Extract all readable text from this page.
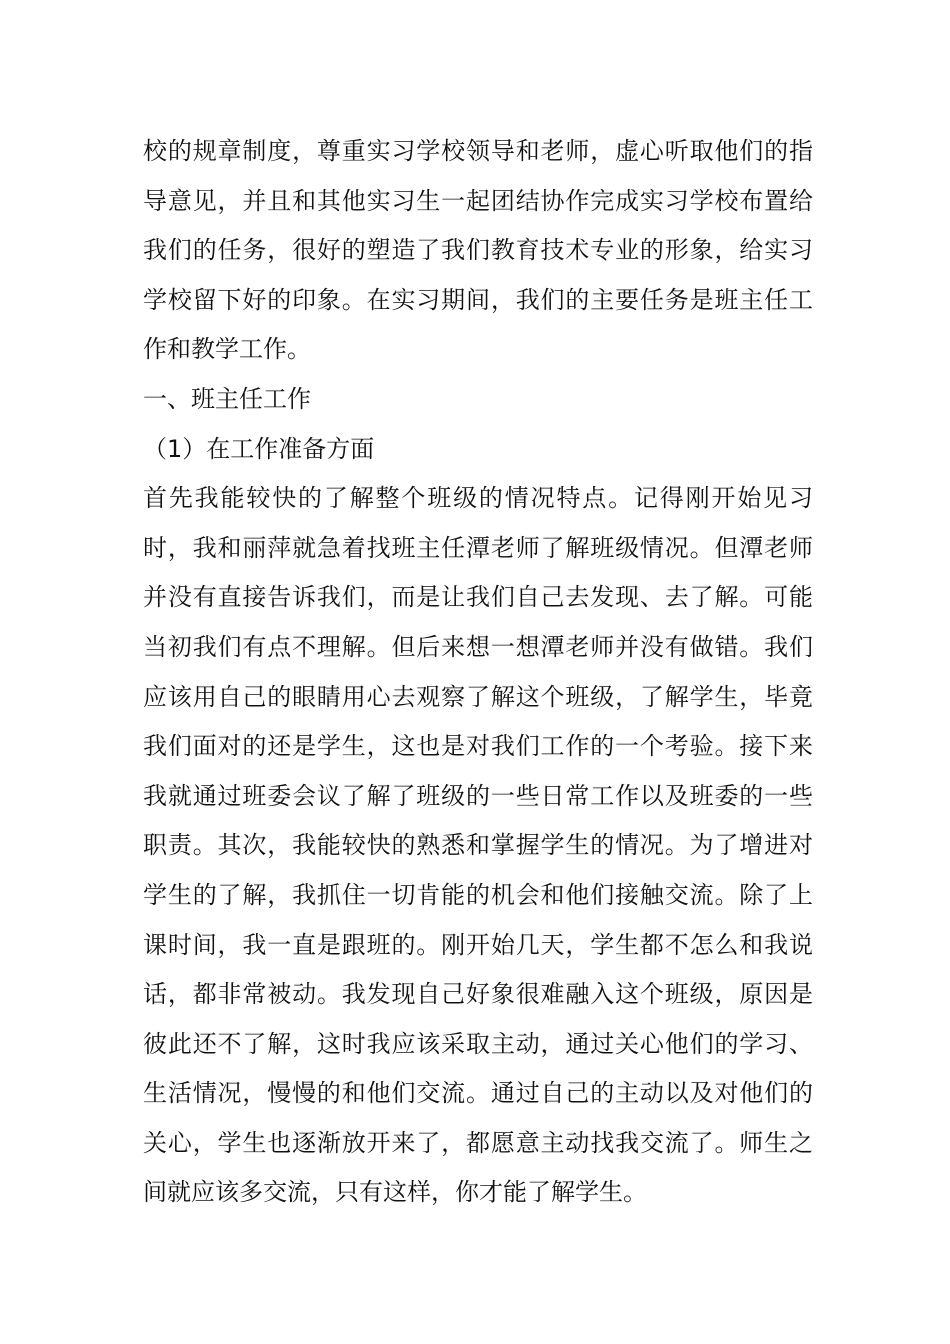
校的规章制度，尊重实习学校领导和老师，虚心听取他们的指导意见，并且和其他实习生一起团结协作完成实习学校布置给我们的任务，很好的塑造了我们教育技术专业的形象，给实习学校留下好的印象。在实习期间，我们的主要任务是班主任工作和教学工作。

一、班主任工作

（1）在工作准备方面

首先我能较快的了解整个班级的情况特点。记得刚开始见习时，我和丽萍就急着找班主任潭老师了解班级情况。但潭老师并没有直接告诉我们，而是让我们自己去发现、去了解。可能当初我们有点不理解。但后来想一想潭老师并没有做错。我们应该用自己的眼睛用心去观察了解这个班级，了解学生，毕竟我们面对的还是学生，这也是对我们工作的一个考验。接下来我就通过班委会议了解了班级的一些日常工作以及班委的一些职责。其次，我能较快的熟悉和掌握学生的情况。为了增进对学生的了解，我抓住一切肯能的机会和他们接触交流。除了上课时间，我一直是跟班的。刚开始几天，学生都不怎么和我说话，都非常被动。我发现自己好象很难融入这个班级，原因是彼此还不了解，这时我应该采取主动，通过关心他们的学习、生活情况，慢慢的和他们交流。通过自己的主动以及对他们的关心，学生也逐渐放开来了，都愿意主动找我交流了。师生之间就应该多交流，只有这样，你才能了解学生。
